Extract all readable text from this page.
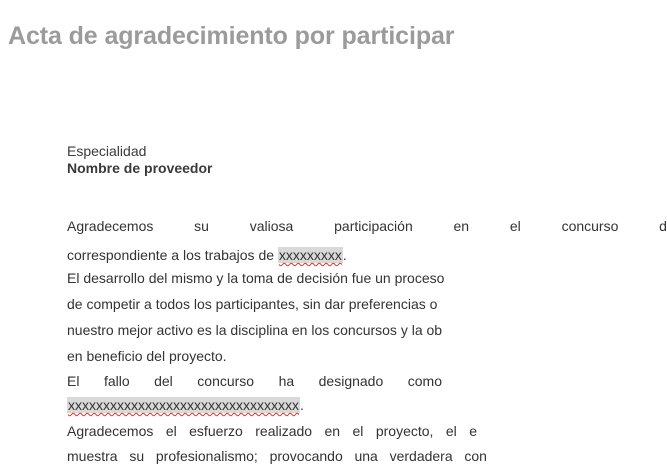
Acta de agradecimiento por participar
Especialidad
Nombre de proveedor
Agradecemos	su	valiosa	participación	en	el	concurso	d
correspondiente a los trabajos de xxxxxxxxx.
El desarrollo del mismo y la toma de decisión fue un proceso
de competir a todos los participantes, sin dar preferencias o
nuestro mejor activo es la disciplina en los concursos y la ob
en beneficio del proyecto.
El fallo del concurso ha designado como
xxxxxxxxxxxxxxxxxxxxxxxxxxxxxxxxx.
Agradecemos el esfuerzo realizado en el proyecto, el e
muestra su profesionalismo; provocando una verdadera con
